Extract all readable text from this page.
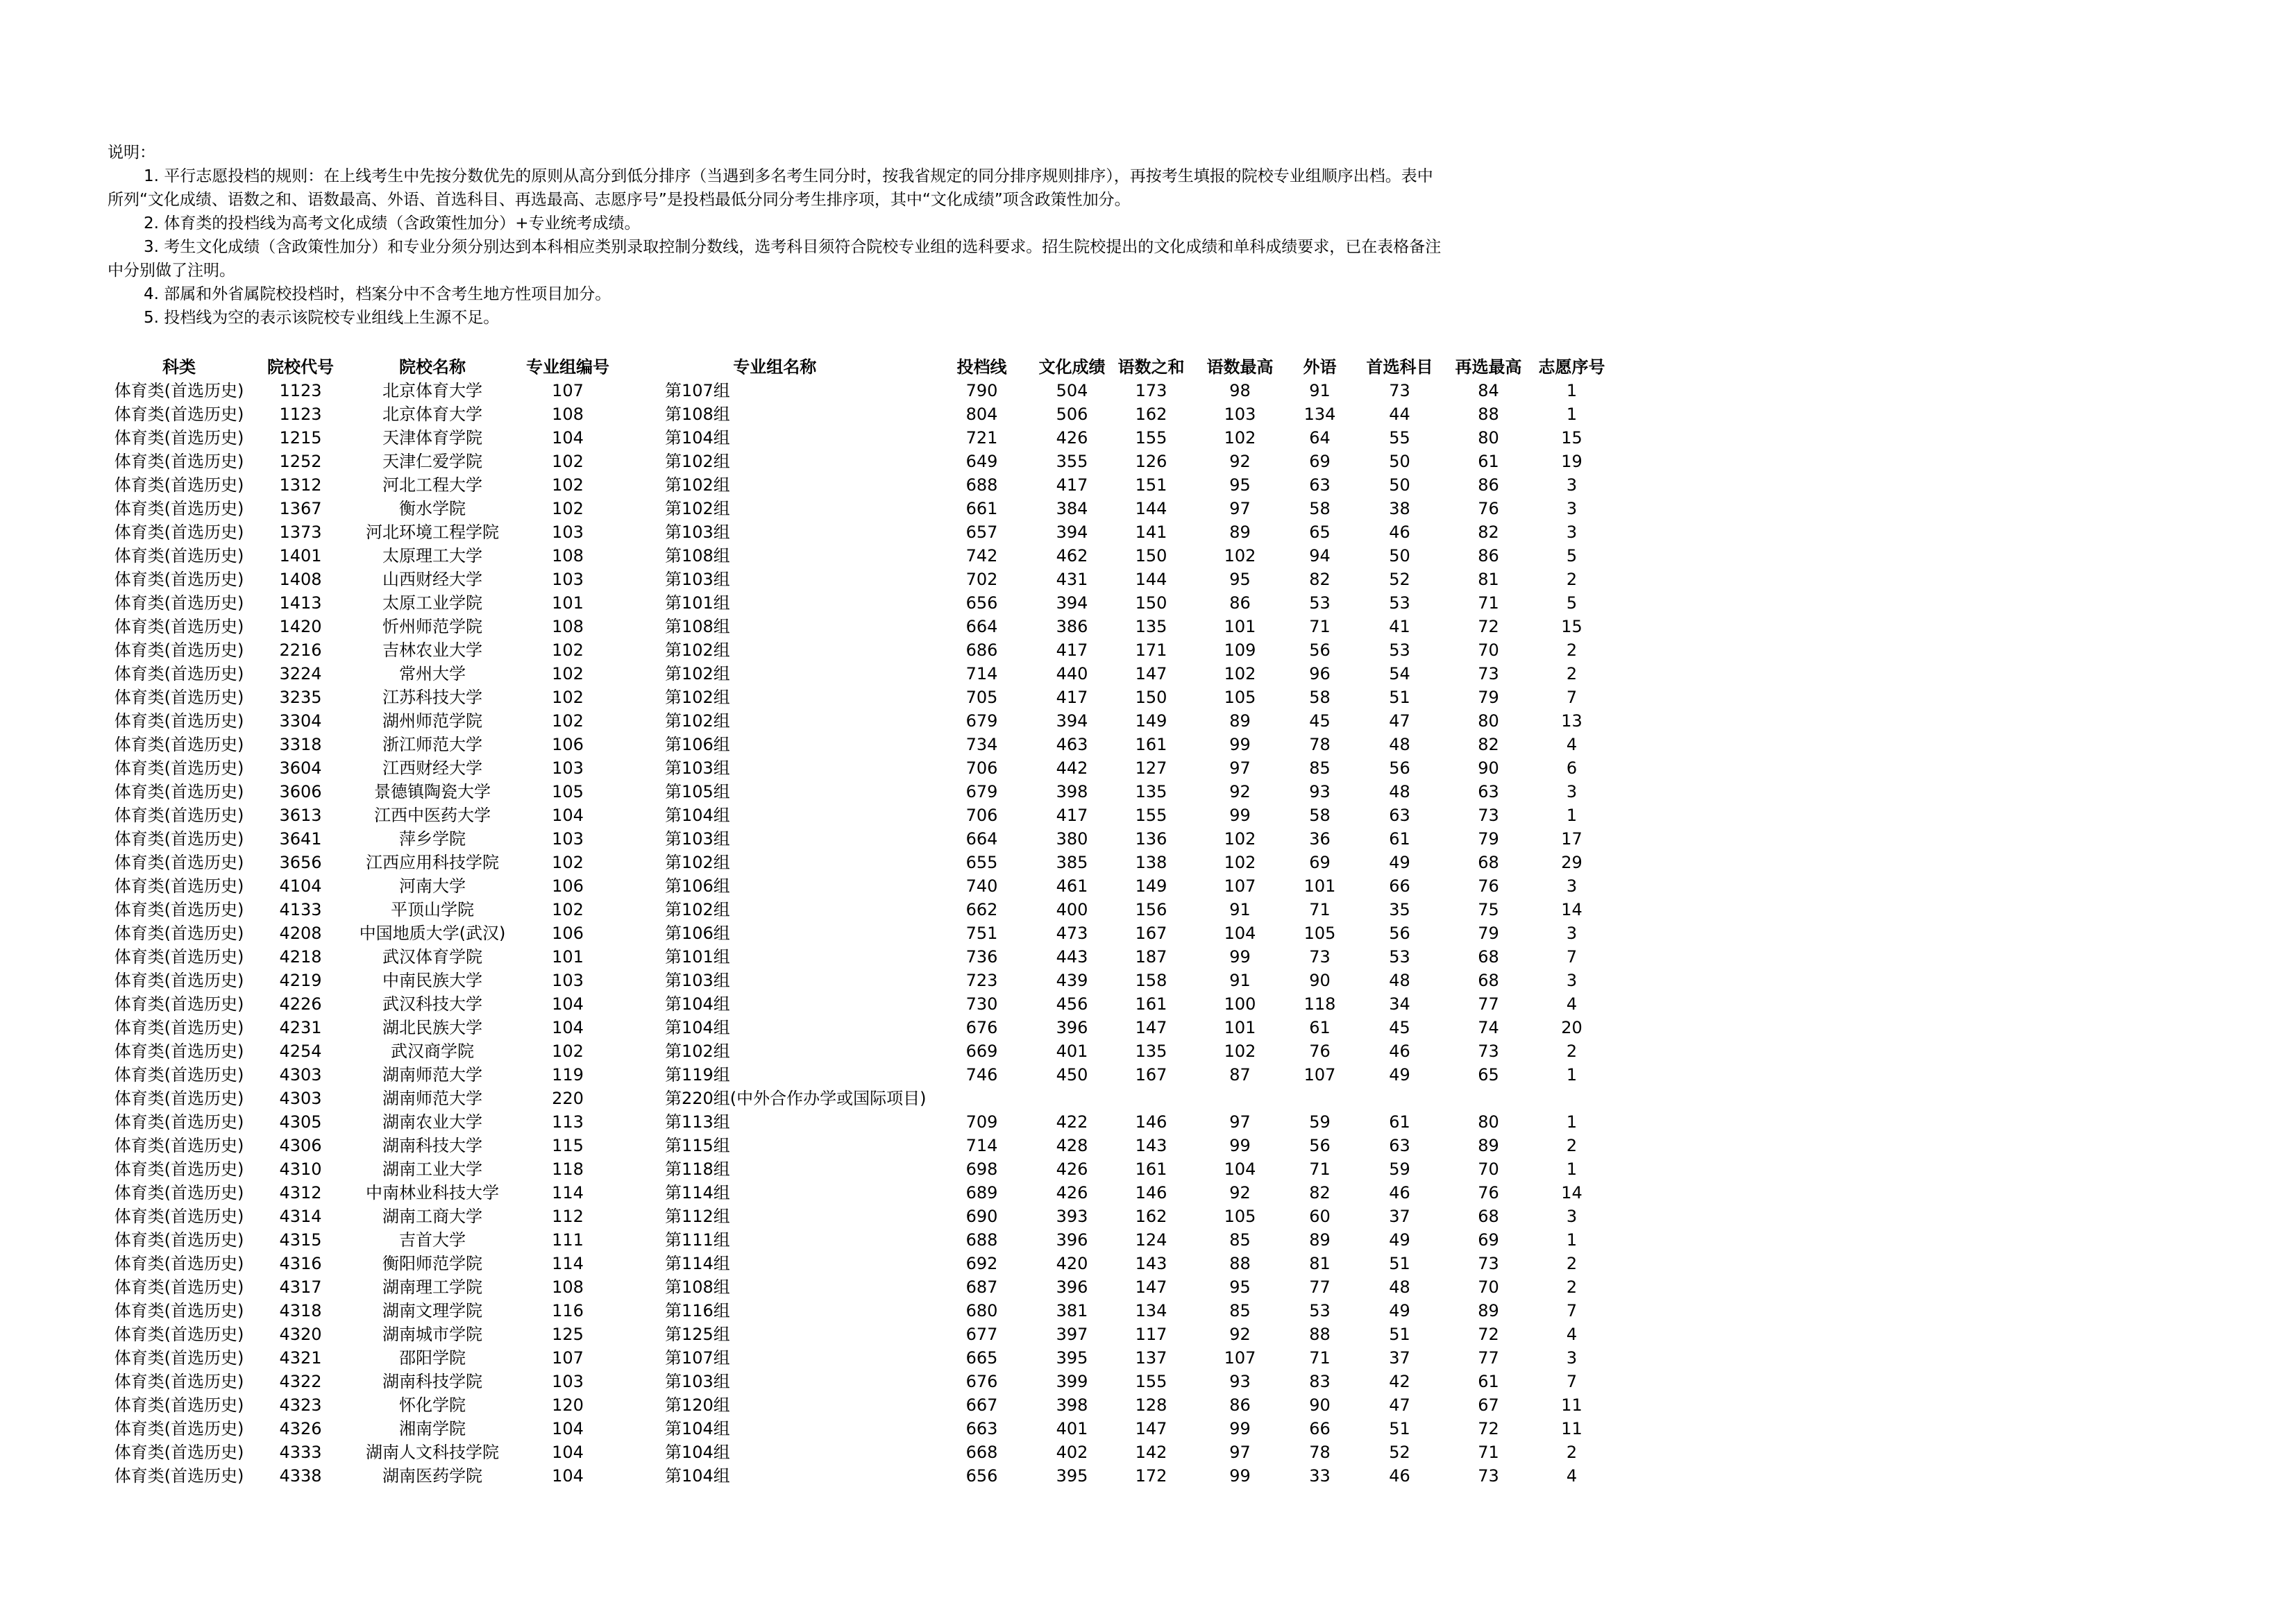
说明：
1. 平行志愿投档的规则：在上线考生中先按分数优先的原则从高分到低分排序（当遇到多名考生同分时，按我省规定的同分排序规则排序），再按考生填报的院校专业组顺序出档。表中
所列“文化成绩、语数之和、语数最高、外语、首选科目、再选最高、志愿序号”是投档最低分同分考生排序项，其中“文化成绩”项含政策性加分。
2. 体育类的投档线为高考文化成绩（含政策性加分）+专业统考成绩。
3. 考生文化成绩（含政策性加分）和专业分须分别达到本科相应类别录取控制分数线，选考科目须符合院校专业组的选科要求。招生院校提出的文化成绩和单科成绩要求，已在表格备注
中分别做了注明。
4. 部属和外省属院校投档时，档案分中不含考生地方性项目加分。
5. 投档线为空的表示该院校专业组线上生源不足。
科类	院校代号	院校名称	专业组编号	专业组名称	投档线	文化成绩	语数之和	语数最高	外语	首选科目	再选最高	志愿序号
体育类(首选历史)	1123	北京体育大学	107	第107组	790	504	173	98	91	73	84	1
体育类(首选历史)	1123	北京体育大学	108	第108组	804	506	162	103	134	44	88	1
体育类(首选历史)	1215	天津体育学院	104	第104组	721	426	155	102	64	55	80	15
体育类(首选历史)	1252	天津仁爱学院	102	第102组	649	355	126	92	69	50	61	19
体育类(首选历史)	1312	河北工程大学	102	第102组	688	417	151	95	63	50	86	3
体育类(首选历史)	1367	衡水学院	102	第102组	661	384	144	97	58	38	76	3
体育类(首选历史)	1373	河北环境工程学院	103	第103组	657	394	141	89	65	46	82	3
体育类(首选历史)	1401	太原理工大学	108	第108组	742	462	150	102	94	50	86	5
体育类(首选历史)	1408	山西财经大学	103	第103组	702	431	144	95	82	52	81	2
体育类(首选历史)	1413	太原工业学院	101	第101组	656	394	150	86	53	53	71	5
体育类(首选历史)	1420	忻州师范学院	108	第108组	664	386	135	101	71	41	72	15
体育类(首选历史)	2216	吉林农业大学	102	第102组	686	417	171	109	56	53	70	2
体育类(首选历史)	3224	常州大学	102	第102组	714	440	147	102	96	54	73	2
体育类(首选历史)	3235	江苏科技大学	102	第102组	705	417	150	105	58	51	79	7
体育类(首选历史)	3304	湖州师范学院	102	第102组	679	394	149	89	45	47	80	13
体育类(首选历史)	3318	浙江师范大学	106	第106组	734	463	161	99	78	48	82	4
体育类(首选历史)	3604	江西财经大学	103	第103组	706	442	127	97	85	56	90	6
体育类(首选历史)	3606	景德镇陶瓷大学	105	第105组	679	398	135	92	93	48	63	3
体育类(首选历史)	3613	江西中医药大学	104	第104组	706	417	155	99	58	63	73	1
体育类(首选历史)	3641	萍乡学院	103	第103组	664	380	136	102	36	61	79	17
体育类(首选历史)	3656	江西应用科技学院	102	第102组	655	385	138	102	69	49	68	29
体育类(首选历史)	4104	河南大学	106	第106组	740	461	149	107	101	66	76	3
体育类(首选历史)	4133	平顶山学院	102	第102组	662	400	156	91	71	35	75	14
体育类(首选历史)	4208	中国地质大学(武汉)	106	第106组	751	473	167	104	105	56	79	3
体育类(首选历史)	4218	武汉体育学院	101	第101组	736	443	187	99	73	53	68	7
体育类(首选历史)	4219	中南民族大学	103	第103组	723	439	158	91	90	48	68	3
体育类(首选历史)	4226	武汉科技大学	104	第104组	730	456	161	100	118	34	77	4
体育类(首选历史)	4231	湖北民族大学	104	第104组	676	396	147	101	61	45	74	20
体育类(首选历史)	4254	武汉商学院	102	第102组	669	401	135	102	76	46	73	2
体育类(首选历史)	4303	湖南师范大学	119	第119组	746	450	167	87	107	49	65	1
体育类(首选历史)	4303	湖南师范大学	220	第220组(中外合作办学或国际项目)								
体育类(首选历史)	4305	湖南农业大学	113	第113组	709	422	146	97	59	61	80	1
体育类(首选历史)	4306	湖南科技大学	115	第115组	714	428	143	99	56	63	89	2
体育类(首选历史)	4310	湖南工业大学	118	第118组	698	426	161	104	71	59	70	1
体育类(首选历史)	4312	中南林业科技大学	114	第114组	689	426	146	92	82	46	76	14
体育类(首选历史)	4314	湖南工商大学	112	第112组	690	393	162	105	60	37	68	3
体育类(首选历史)	4315	吉首大学	111	第111组	688	396	124	85	89	49	69	1
体育类(首选历史)	4316	衡阳师范学院	114	第114组	692	420	143	88	81	51	73	2
体育类(首选历史)	4317	湖南理工学院	108	第108组	687	396	147	95	77	48	70	2
体育类(首选历史)	4318	湖南文理学院	116	第116组	680	381	134	85	53	49	89	7
体育类(首选历史)	4320	湖南城市学院	125	第125组	677	397	117	92	88	51	72	4
体育类(首选历史)	4321	邵阳学院	107	第107组	665	395	137	107	71	37	77	3
体育类(首选历史)	4322	湖南科技学院	103	第103组	676	399	155	93	83	42	61	7
体育类(首选历史)	4323	怀化学院	120	第120组	667	398	128	86	90	47	67	11
体育类(首选历史)	4326	湘南学院	104	第104组	663	401	147	99	66	51	72	11
体育类(首选历史)	4333	湖南人文科技学院	104	第104组	668	402	142	97	78	52	71	2
体育类(首选历史)	4338	湖南医药学院	104	第104组	656	395	172	99	33	46	73	4
